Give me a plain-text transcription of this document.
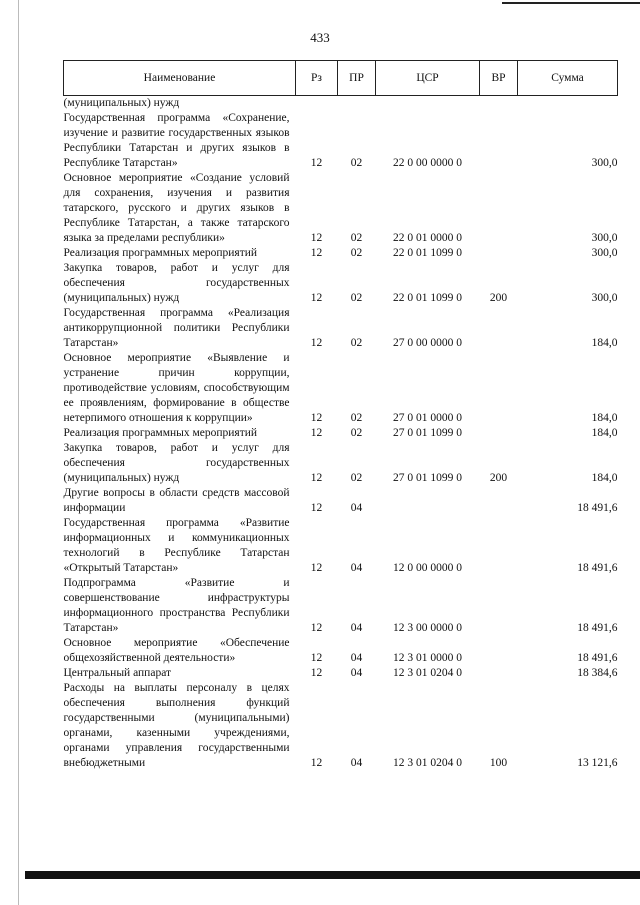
433
Наименование	Рз	ПР	ЦСР	ВР	Сумма
(муниципальных) нужд					
Государственная программа «Сохранение, изучение и развитие государственных языков Республики Татарстан и других языков в Республике Татарстан»	12	02	22 0 00 0000 0		300,0
Основное мероприятие «Создание условий для сохранения, изучения и развития татарского, русского и других языков в Республике Татарстан, а также татарского языка за пределами республики»	12	02	22 0 01 0000 0		300,0
Реализация программных мероприятий	12	02	22 0 01 1099 0		300,0
Закупка товаров, работ и услуг для обеспечения государственных (муниципальных) нужд	12	02	22 0 01 1099 0	200	300,0
Государственная программа «Реализация антикоррупционной политики Республики Татарстан»	12	02	27 0 00 0000 0		184,0
Основное мероприятие «Выявление и устранение причин коррупции, противодействие условиям, способствующим ее проявлениям, формирование в обществе нетерпимого отношения к коррупции»	12	02	27 0 01 0000 0		184,0
Реализация программных мероприятий	12	02	27 0 01 1099 0		184,0
Закупка товаров, работ и услуг для обеспечения государственных (муниципальных) нужд	12	02	27 0 01 1099 0	200	184,0
Другие вопросы в области средств массовой информации	12	04			18 491,6
Государственная программа «Развитие информационных и коммуникационных технологий в Республике Татарстан «Открытый Татарстан»	12	04	12 0 00 0000 0		18 491,6
Подпрограмма «Развитие и совершенствование инфраструктуры информационного пространства Республики Татарстан»	12	04	12 3 00 0000 0		18 491,6
Основное мероприятие «Обеспечение общехозяйственной деятельности»	12	04	12 3 01 0000 0		18 491,6
Центральный аппарат	12	04	12 3 01 0204 0		18 384,6
Расходы на выплаты персоналу в целях обеспечения выполнения функций государственными (муниципальными) органами, казенными учреждениями, органами управления государственными внебюджетными	12	04	12 3 01 0204 0	100	13 121,6
